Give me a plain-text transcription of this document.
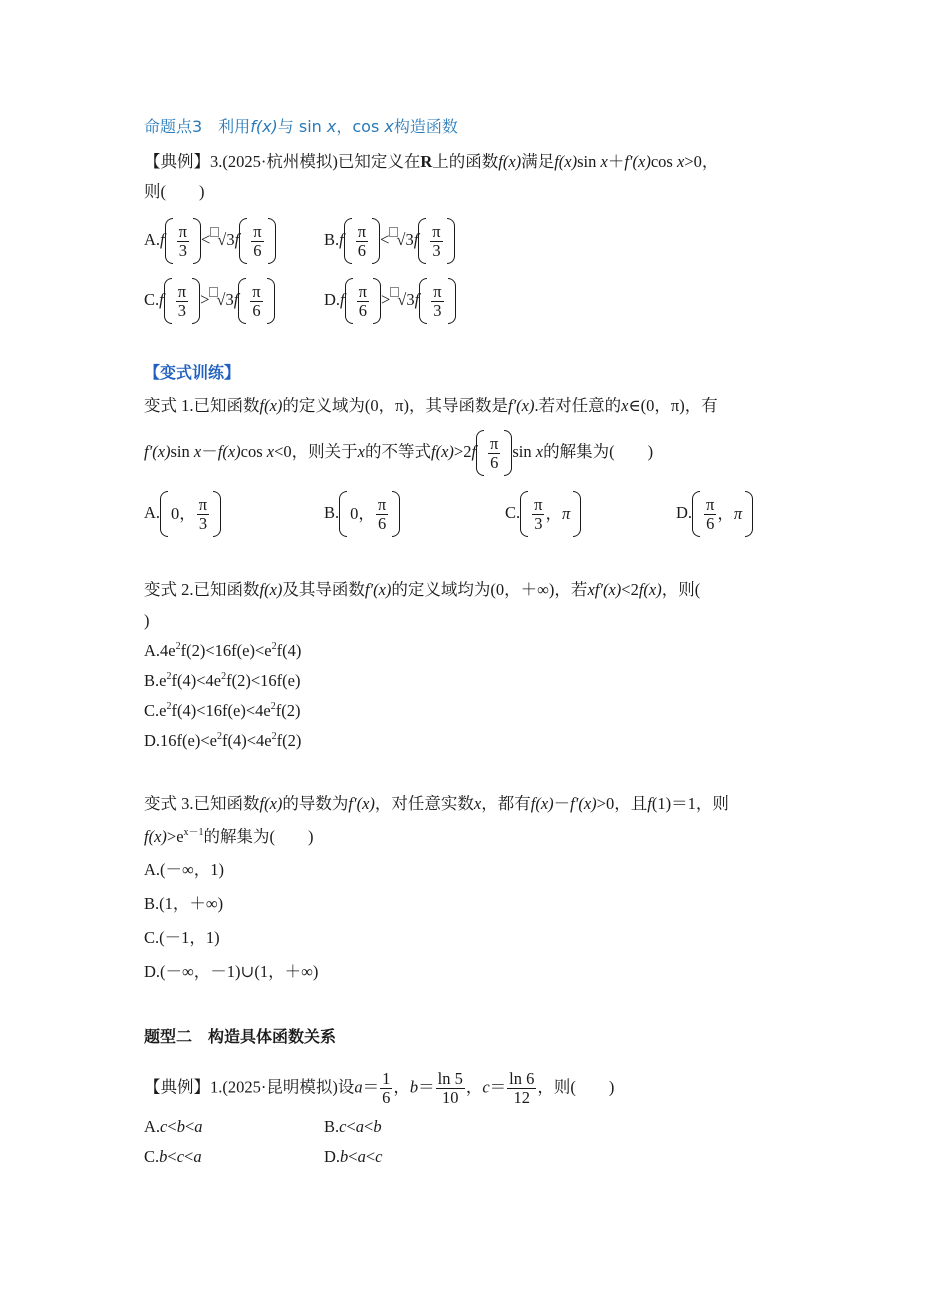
命题点3　利用f(x)与 sin x，cos x构造函数
【典例】3.(2025·杭州模拟)已知定义在R上的函数f(x)满足f(x)sin x＋f′(x)cos x>0，
则(　　)
$A.f \frac{\pi}{3} < √3f \frac{\pi}{6}$	$B.f \frac{\pi}{6} < √3f \frac{\pi}{3}$
$C.f \frac{\pi}{3} > √3f \frac{\pi}{6}$	$D.f \frac{\pi}{6} > √3f \frac{\pi}{3}$
【变式训练】
变式 1.已知函数f(x)的定义域为(0，π)，其导函数是f′(x).若对任意的x∈(0，π)，有
f′(x)sin x－f(x)cos x<0，则关于x的不等式$f(x)>2f \frac{\pi}{6}$ sin x的解集为(　　)
A. 0， $\frac{\pi}{3}$	B. 0， $\frac{\pi}{6}$	C. $\frac{\pi}{3}$ ， π	D. $\frac{\pi}{6}$ ， π
变式 2.已知函数f(x)及其导函数f′(x)的定义域均为(0，＋∞)，若xf′(x)<2f(x)，则(
)
$A.4e^2f(2)<16f(e)<e^2f(4)$
$B.e^2f(4)<4e^2f(2)<16f(e)$
$C.e^2f(4)<16f(e)<4e^2f(2)$
$D.16f(e)<e^2f(4)<4e^2f(2)$
变式 3.已知函数f(x)的导数为f′(x)，对任意实数x，都有f(x)－f′(x)>0，且f(1)＝1，则
$f(x)>e^{x-1}$的解集为(　　)
A.(－∞，1)
B.(1，＋∞)
C.(－1，1)
D.(－∞，－1)∪(1，＋∞)
题型二　构造具体函数关系
【典例】1.(2025·昆明模拟)设$a= \frac{1}{6}$ ，$b= \frac{\ln 5}{10}$ ，$c= \frac{\ln 6}{12}$ ，则(　　)
A.c<b<a	B.c<a<b
C.b<c<a	D.b<a<c
